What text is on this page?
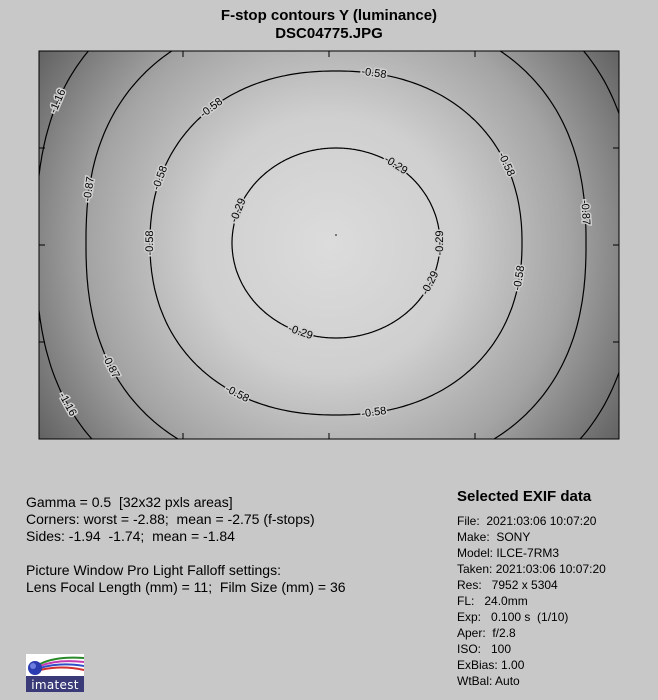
F-stop contours Y (luminance)
DSC04775.JPG
-0.58
-0.29
-0.29
-0.29
-0.29
-0.29
-0.58
-0.58
-0.58
-0.58
-0.58
-0.58
-0.58
-0.87
-0.87
-0.87
-1.16
-1.16
Gamma = 0.5  [32x32 pxls areas]
Corners: worst = -2.88;  mean = -2.75 (f-stops)
Sides: -1.94  -1.74;  mean = -1.84
Picture Window Pro Light Falloff settings:
Lens Focal Length (mm) = 11;  Film Size (mm) = 36
Selected EXIF data
File:  2021:03:06 10:07:20
Make:  SONY
Model: ILCE-7RM3
Taken: 2021:03:06 10:07:20
Res:   7952 x 5304
FL:   24.0mm
Exp:   0.100 s  (1/10)
Aper:  f/2.8
ISO:   100
ExBias: 1.00
WtBal: Auto
imatest
